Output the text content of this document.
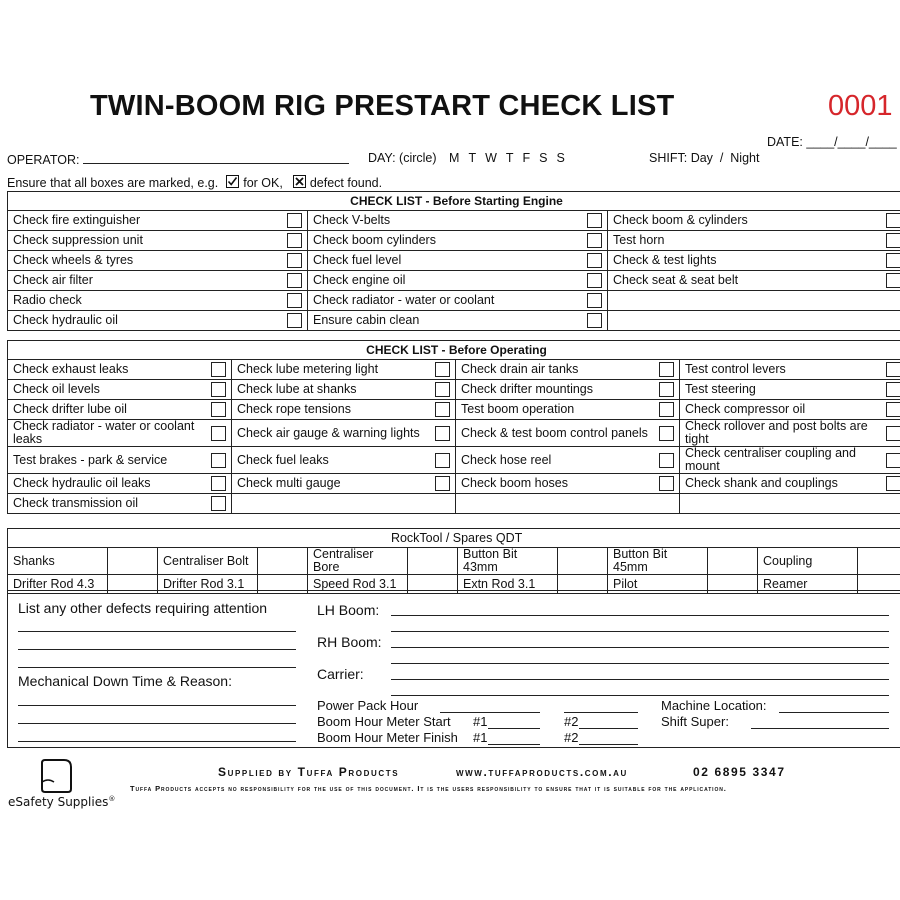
TWIN-BOOM RIG PRESTART CHECK LIST	0001
DATE: ____/____/____
OPERATOR:	DAY: (circle) M T W T F S S	SHIFT: Day  /  Night
Ensure that all boxes are marked, e.g. for OK, ☒ defect found.
CHECK LIST - Before Starting Engine		

Check fire extinguisher	Check V-belts	Check boom & cylinders

Check suppression unit	Check boom cylinders	Test horn

Check wheels & tyres	Check fuel level	Check & test lights

Check air filter	Check engine oil	Check seat & seat belt

Radio check	Check radiator - water or coolant	

Check hydraulic oil	Ensure cabin clean	

CHECK LIST - Before Operating			

Check exhaust leaks	Check lube metering light	Check drain air tanks	Test control levers

Check oil levels	Check lube at shanks	Check drifter mountings	Test steering

Check drifter lube oil	Check rope tensions	Test boom operation	Check compressor oil

Check radiator - water or coolant leaks	Check air gauge & warning lights	Check & test boom control panels	Check rollover and post bolts are tight

Test brakes - park & service	Check fuel leaks	Check hose reel	Check centraliser coupling and mount

Check hydraulic oil leaks	Check multi gauge	Check boom hoses	Check shank and couplings

Check transmission oil			

RockTool / Spares QDT											
Shanks		Centraliser Bolt		Centraliser Bore		Button Bit 43mm		Button Bit 45mm		Coupling	
Drifter Rod 4.3		Drifter Rod 3.1		Speed Rod 3.1		Extn Rod 3.1		Pilot		Reamer	
List any other defects requiring attention
Mechanical Down Time & Reason:
LH Boom:
RH Boom:
Carrier:
Power Pack Hour
Boom Hour Meter Start #1	#2
Boom Hour Meter Finish #1	#2
Machine Location:
Shift Super:
eSafety Supplies®
Supplied by Tuffa Products	www.tuffaproducts.com.au	02 6895 3347
Tuffa Products accepts no responsibility for the use of this document. It is the users responsibility to ensure that it is suitable for the application.
